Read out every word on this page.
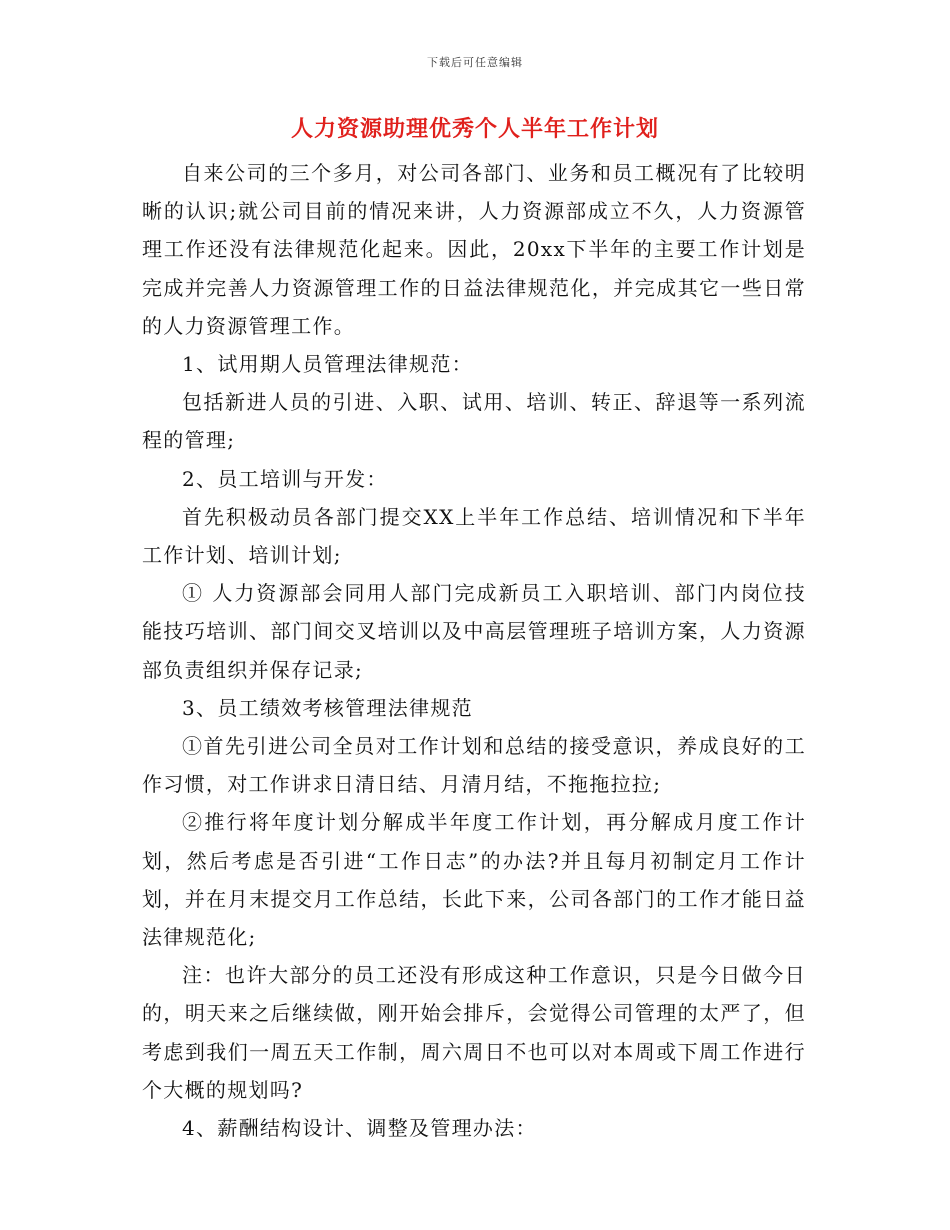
下载后可任意编辑
人力资源助理优秀个人半年工作计划

自来公司的三个多月，对公司各部门、业务和员工概况有了比较明晰的认识;就公司目前的情况来讲，人力资源部成立不久，人力资源管理工作还没有法律规范化起来。因此，20xx下半年的主要工作计划是完成并完善人力资源管理工作的日益法律规范化，并完成其它一些日常的人力资源管理工作。

1、试用期人员管理法律规范：

包括新进人员的引进、入职、试用、培训、转正、辞退等一系列流程的管理;

2、员工培训与开发：

首先积极动员各部门提交XX上半年工作总结、培训情况和下半年工作计划、培训计划;

① 人力资源部会同用人部门完成新员工入职培训、部门内岗位技能技巧培训、部门间交叉培训以及中高层管理班子培训方案，人力资源部负责组织并保存记录;

3、员工绩效考核管理法律规范

①首先引进公司全员对工作计划和总结的接受意识，养成良好的工作习惯，对工作讲求日清日结、月清月结，不拖拖拉拉;

②推行将年度计划分解成半年度工作计划，再分解成月度工作计划，然后考虑是否引进“工作日志”的办法?并且每月初制定月工作计划，并在月末提交月工作总结，长此下来，公司各部门的工作才能日益法律规范化;

注：也许大部分的员工还没有形成这种工作意识，只是今日做今日的，明天来之后继续做，刚开始会排斥，会觉得公司管理的太严了，但考虑到我们一周五天工作制，周六周日不也可以对本周或下周工作进行个大概的规划吗?

4、薪酬结构设计、调整及管理办法：
